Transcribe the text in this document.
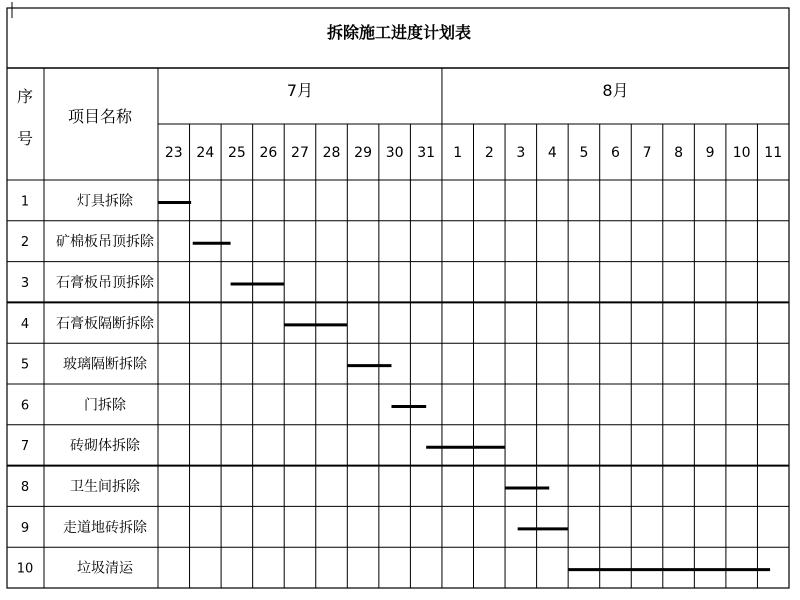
拆除施工进度计划表
序
号
项目名称
7月	8月
23 24 25 26 27 28 29 30 31 1 2 3 4 5 6 7 8 9 10 11
1	灯具拆除
2 矿棉板吊顶拆除
3 石膏板吊顶拆除
4 石膏板隔断拆除
5 玻璃隔断拆除
6	门拆除
7	砖砌体拆除
8	卫生间拆除
9 走道地砖拆除
10	垃圾清运
